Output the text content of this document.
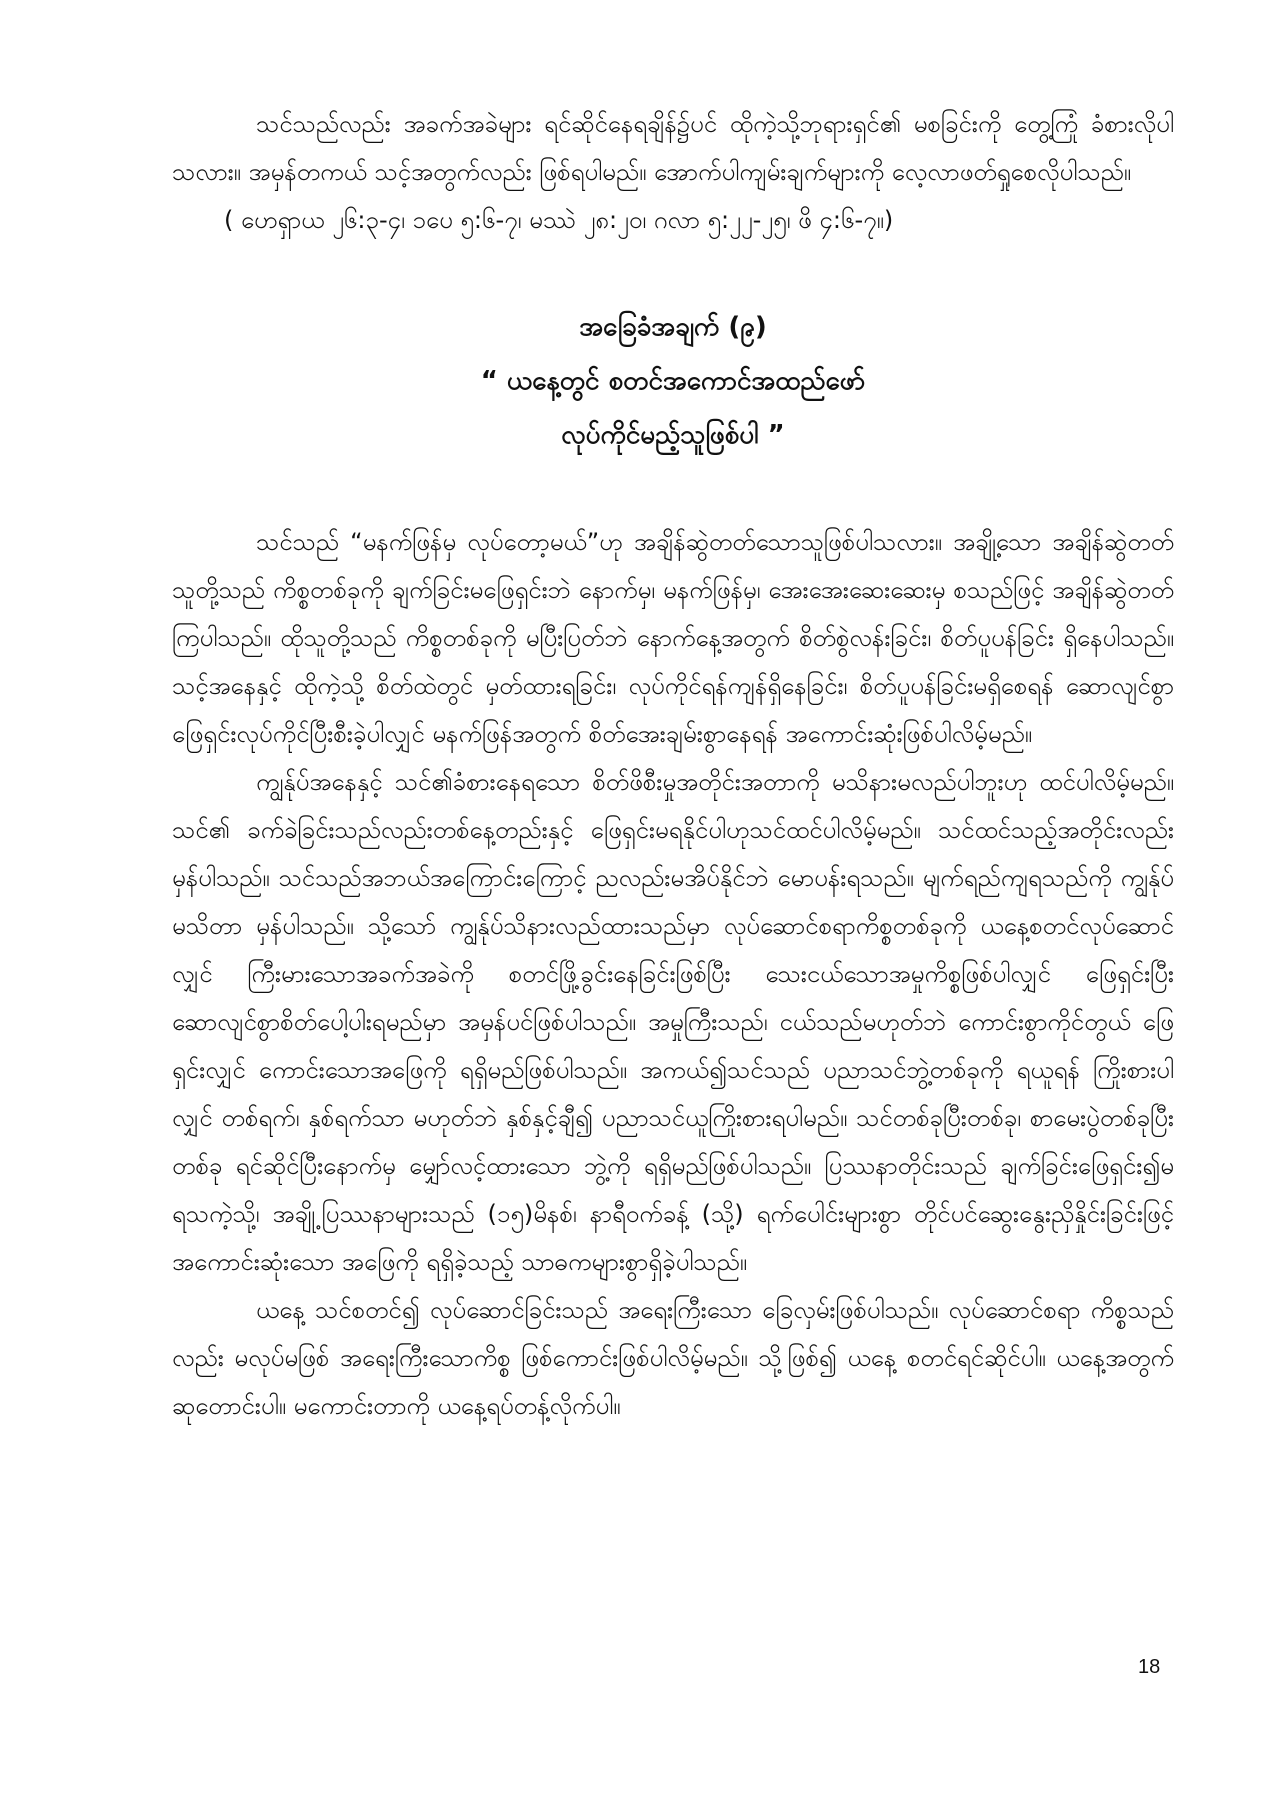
သင်သည်လည်း အခက်အခဲများ ရင်ဆိုင်နေရချိန်၌ပင် ထိုကဲ့သို့ဘုရားရှင်၏ မစခြင်းကို တွေ့ကြုံ ခံစားလိုပါသလား။ အမှန်တကယ် သင့်အတွက်လည်း ဖြစ်ရပါမည်။ အောက်ပါကျမ်းချက်များကို လေ့လာဖတ်ရှုစေလိုပါသည်။

( ဟေရှာယ ၂၆:၃-၄၊ ၁ပေ ၅:၆-၇၊ မဿဲ ၂၈:၂၀၊ ဂလာ ၅:၂၂-၂၅၊ ဖိ ၄:၆-၇။)

အခြေခံအချက် (၉)
“ ယနေ့တွင် စတင်အကောင်အထည်ဖော်
လုပ်ကိုင်မည့်သူဖြစ်ပါ ”

သင်သည် “မနက်ဖြန်မှ လုပ်တော့မယ်”ဟု အချိန်ဆွဲတတ်သောသူဖြစ်ပါသလား။ အချို့သော အချိန်ဆွဲတတ်သူတို့သည် ကိစ္စတစ်ခုကို ချက်ခြင်းမဖြေရှင်းဘဲ နောက်မှ၊ မနက်ဖြန်မှ၊ အေးအေးဆေးဆေးမှ စသည်ဖြင့် အချိန်ဆွဲတတ်ကြပါသည်။ ထိုသူတို့သည် ကိစ္စတစ်ခုကို မပြီးပြတ်ဘဲ နောက်နေ့အတွက် စိတ်စွဲလန်းခြင်း၊ စိတ်ပူပန်ခြင်း ရှိနေပါသည်။ သင့်အနေနှင့် ထိုကဲ့သို့ စိတ်ထဲတွင် မှတ်ထားရခြင်း၊ လုပ်ကိုင်ရန်ကျန်ရှိနေခြင်း၊ စိတ်ပူပန်ခြင်းမရှိစေရန် ဆောလျင်စွာ ဖြေရှင်းလုပ်ကိုင်ပြီးစီးခဲ့ပါလျှင် မနက်ဖြန်အတွက် စိတ်အေးချမ်းစွာနေရန် အကောင်းဆုံးဖြစ်ပါလိမ့်မည်။

ကျွန်ုပ်အနေနှင့် သင်၏ခံစားနေရသော စိတ်ဖိစီးမှုအတိုင်းအတာကို မသိနားမလည်ပါဘူးဟု ထင်ပါလိမ့်မည်။ သင်၏ ခက်ခဲခြင်းသည်လည်းတစ်နေ့တည်းနှင့် ဖြေရှင်းမရနိုင်ပါဟုသင်ထင်ပါလိမ့်မည်။ သင်ထင်သည့်အတိုင်းလည်း မှန်ပါသည်။ သင်သည်အဘယ်အကြောင်းကြောင့် ညလည်းမအိပ်နိုင်ဘဲ မောပန်းရသည်။ မျက်ရည်ကျရသည်ကို ကျွန်ုပ်မသိတာ မှန်ပါသည်။ သို့သော် ကျွန်ုပ်သိနားလည်ထားသည်မှာ လုပ်ဆောင်စရာကိစ္စတစ်ခုကို ယနေ့စတင်လုပ်ဆောင်လျှင် ကြီးမားသောအခက်အခဲကို စတင်ဖြို့ခွင်းနေခြင်းဖြစ်ပြီး သေးငယ်သောအမှုကိစ္စဖြစ်ပါလျှင် ဖြေရှင်းပြီး ဆောလျင်စွာစိတ်ပေါ့ပါးရမည်မှာ အမှန်ပင်ဖြစ်ပါသည်။ အမှုကြီးသည်၊ ငယ်သည်မဟုတ်ဘဲ ကောင်းစွာကိုင်တွယ် ဖြေရှင်းလျှင် ကောင်းသောအဖြေကို ရရှိမည်ဖြစ်ပါသည်။ အကယ်၍သင်သည် ပညာသင်ဘွဲ့တစ်ခုကို ရယူရန် ကြိုးစားပါလျှင် တစ်ရက်၊ နှစ်ရက်သာ မဟုတ်ဘဲ နှစ်နှင့်ချီ၍ ပညာသင်ယူကြိုးစားရပါမည်။ သင်တစ်ခုပြီးတစ်ခု၊ စာမေးပွဲတစ်ခုပြီးတစ်ခု ရင်ဆိုင်ပြီးနောက်မှ မျှော်လင့်ထားသော ဘွဲ့ကို ရရှိမည်ဖြစ်ပါသည်။ ပြဿနာတိုင်းသည် ချက်ခြင်းဖြေရှင်း၍မရသကဲ့သို့၊ အချို့ပြဿနာများသည် (၁၅)မိနစ်၊ နာရီဝက်ခန့် (သို့) ရက်ပေါင်းများစွာ တိုင်ပင်ဆွေးနွေးညှိနှိုင်းခြင်းဖြင့် အကောင်းဆုံးသော အဖြေကို ရရှိခဲ့သည့် သာဓကများစွာရှိခဲ့ပါသည်။

ယနေ့ သင်စတင်၍ လုပ်ဆောင်ခြင်းသည် အရေးကြီးသော ခြေလှမ်းဖြစ်ပါသည်။ လုပ်ဆောင်စရာ ကိစ္စသည်လည်း မလုပ်မဖြစ် အရေးကြီးသောကိစ္စ ဖြစ်ကောင်းဖြစ်ပါလိမ့်မည်။ သို့ဖြစ်၍ ယနေ့ စတင်ရင်ဆိုင်ပါ။ ယနေ့အတွက် ဆုတောင်းပါ။ မကောင်းတာကို ယနေ့ရပ်တန့်လိုက်ပါ။

18
